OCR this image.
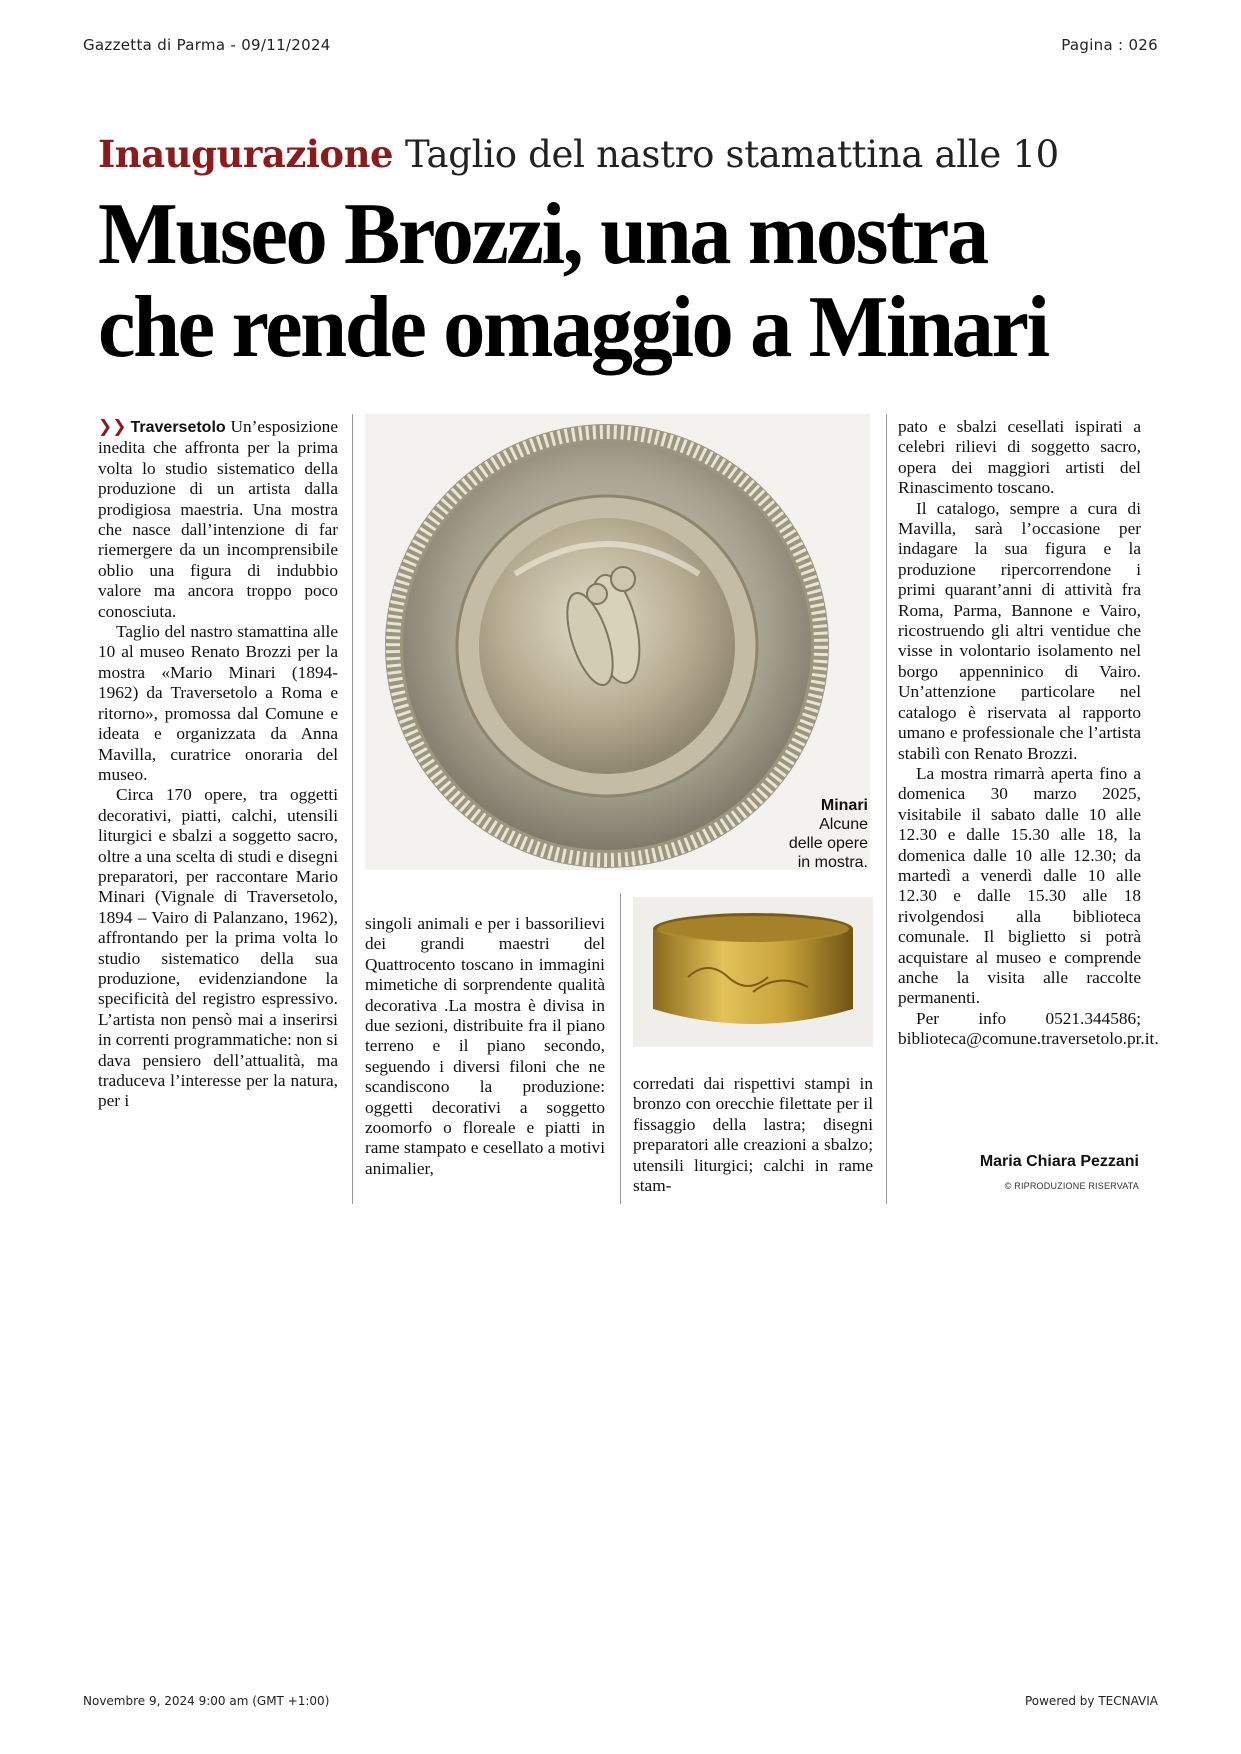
Gazzetta di Parma - 09/11/2024	Pagina : 026
Inaugurazione Taglio del nastro stamattina alle 10
Museo Brozzi, una mostra
che rende omaggio a Minari

❯❯ Traversetolo Un’esposizione inedita che affronta per la prima volta lo studio sistematico della produzione di un artista dalla prodigiosa maestria. Una mostra che nasce dall’intenzione di far riemergere da un incomprensibile oblio una figura di indubbio valore ma ancora troppo poco conosciuta.

Taglio del nastro stamattina alle 10 al museo Renato Brozzi per la mostra «Mario Minari (1894-1962) da Traversetolo a Roma e ritorno», promossa dal Comune e ideata e organizzata da Anna Mavilla, curatrice onoraria del museo.

Circa 170 opere, tra oggetti decorativi, piatti, calchi, utensili liturgici e sbalzi a soggetto sacro, oltre a una scelta di studi e disegni preparatori, per raccontare Mario Minari (Vignale di Traversetolo, 1894 – Vairo di Palanzano, 1962), affrontando per la prima volta lo studio sistematico della sua produzione, evidenziandone la specificità del registro espressivo. L’artista non pensò mai a inserirsi in correnti programmatiche: non si dava pensiero dell’attualità, ma traduceva l’interesse per la natura, per i

Minari
Alcune
delle opere
in mostra.

singoli animali e per i bassorilievi dei grandi maestri del Quattrocento toscano in immagini mimetiche di sorprendente qualità decorativa .La mostra è divisa in due sezioni, distribuite fra il piano terreno e il piano secondo, seguendo i diversi filoni che ne scandiscono la produzione: oggetti decorativi a soggetto zoomorfo o floreale e piatti in rame stampato e cesellato a motivi animalier,

corredati dai rispettivi stampi in bronzo con orecchie filettate per il fissaggio della lastra; disegni preparatori alle creazioni a sbalzo; utensili liturgici; calchi in rame stam-

pato e sbalzi cesellati ispirati a celebri rilievi di soggetto sacro, opera dei maggiori artisti del Rinascimento toscano.

Il catalogo, sempre a cura di Mavilla, sarà l’occasione per indagare la sua figura e la produzione ripercorrendone i primi quarant’anni di attività fra Roma, Parma, Bannone e Vairo, ricostruendo gli altri ventidue che visse in volontario isolamento nel borgo appenninico di Vairo. Un’attenzione particolare nel catalogo è riservata al rapporto umano e professionale che l’artista stabilì con Renato Brozzi.

La mostra rimarrà aperta fino a domenica 30 marzo 2025, visitabile il sabato dalle 10 alle 12.30 e dalle 15.30 alle 18, la domenica dalle 10 alle 12.30; da martedì a venerdì dalle 10 alle 12.30 e dalle 15.30 alle 18 rivolgendosi alla biblioteca comunale. Il biglietto si potrà acquistare al museo e comprende anche la visita alle raccolte permanenti.

Per info 0521.344586; biblioteca@comune.traversetolo.pr.it.

Maria Chiara Pezzani
© RIPRODUZIONE RISERVATA
Novembre 9, 2024 9:00 am (GMT +1:00)	Powered by TECNAVIA
